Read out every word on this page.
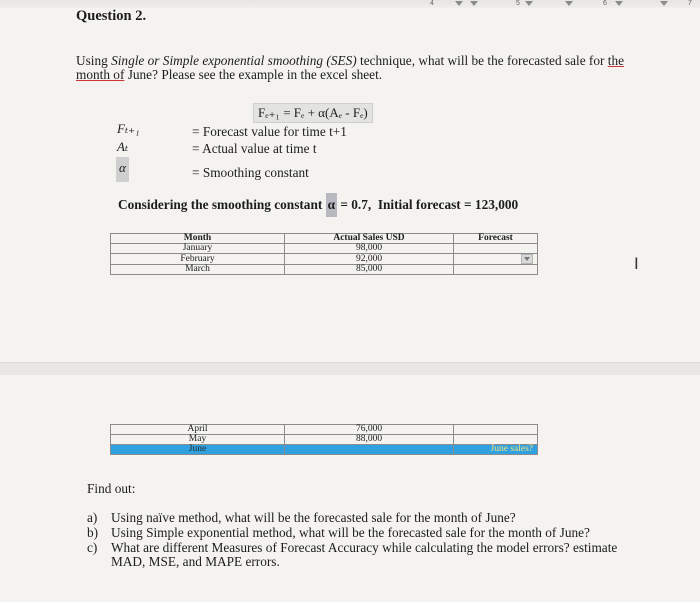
4	5	6	7
Question 2.
Using Single or Simple exponential smoothing (SES) technique, what will be the forecasted sale for the month of June? Please see the example in the excel sheet.
Fₑ₊₁ = Fₑ + α(Aₑ - Fₑ)
Fₜ₊₁	= Forecast value for time t+1
Aₜ	= Actual value at time t
α	= Smoothing constant
Considering the smoothing constant α = 0.7, Initial forecast = 123,000
Month	Actual Sales USD	Forecast
January	98,000	
February	92,000	
March	85,000		I
April	76,000	
May	88,000	
June		June sales?
Find out:
a) Using naïve method, what will be the forecasted sale for the month of June?
b) Using Simple exponential method, what will be the forecasted sale for the month of June?
c) What are different Measures of Forecast Accuracy while calculating the model errors? estimate MAD, MSE, and MAPE errors.
